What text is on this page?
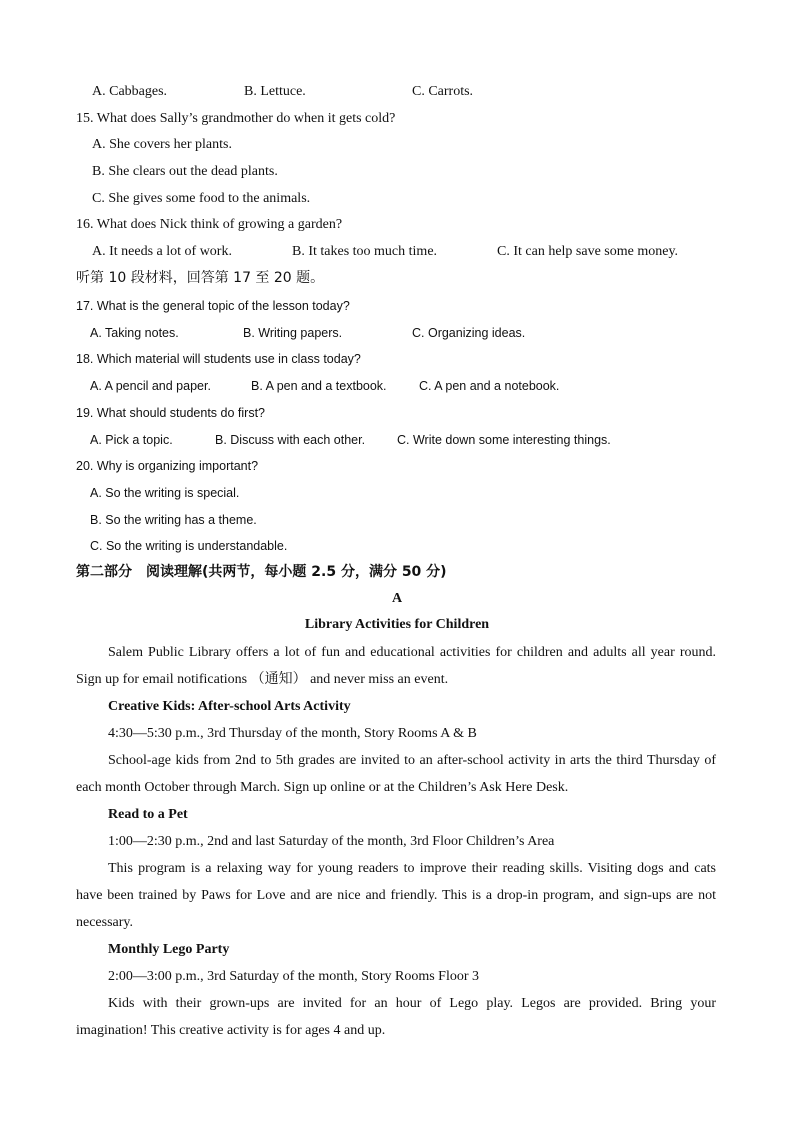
A. Cabbages.	B. Lettuce.	C. Carrots.
15. What does Sally’s grandmother do when it gets cold?
A. She covers her plants.
B. She clears out the dead plants.
C. She gives some food to the animals.
16. What does Nick think of growing a garden?
A. It needs a lot of work.	B. It takes too much time.	C. It can help save some money.
听第 10 段材料，回答第 17 至 20 题。
17. What is the general topic of the lesson today?
A. Taking notes.	B. Writing papers.	C. Organizing ideas.
18. Which material will students use in class today?
A. A pencil and paper.	B. A pen and a textbook.	C. A pen and a notebook.
19. What should students do first?
A. Pick a topic.	B. Discuss with each other.	C. Write down some interesting things.
20. Why is organizing important?
A. So the writing is special.
B. So the writing has a theme.
C. So the writing is understandable.
第二部分　阅读理解(共两节，每小题 2.5 分，满分 50 分)
A
Library Activities for Children

Salem Public Library offers a lot of fun and educational activities for children and adults all year round. Sign up for email notifications （通知） and never miss an event.

Creative Kids: After-school Arts Activity

4:30—5:30 p.m., 3rd Thursday of the month, Story Rooms A & B

School-age kids from 2nd to 5th grades are invited to an after-school activity in arts the third Thursday of each month October through March. Sign up online or at the Children’s Ask Here Desk.

Read to a Pet

1:00—2:30 p.m., 2nd and last Saturday of the month, 3rd Floor Children’s Area

This program is a relaxing way for young readers to improve their reading skills. Visiting dogs and cats have been trained by Paws for Love and are nice and friendly. This is a drop-in program, and sign-ups are not necessary.

Monthly Lego Party

2:00—3:00 p.m., 3rd Saturday of the month, Story Rooms Floor 3

Kids with their grown-ups are invited for an hour of Lego play. Legos are provided. Bring your imagination! This creative activity is for ages 4 and up.
